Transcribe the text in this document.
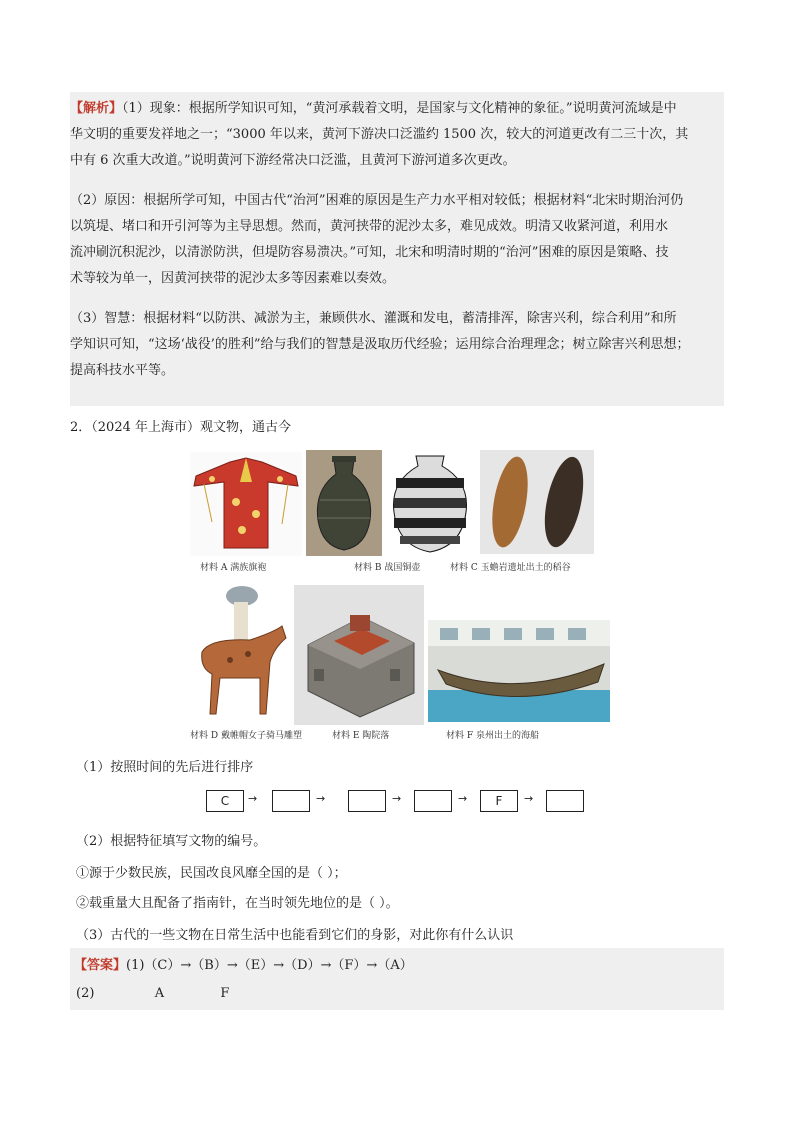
【解析】（1）现象：根据所学知识可知，“黄河承载着文明，是国家与文化精神的象征。”说明黄河流域是中
华文明的重要发祥地之一；“3000 年以来，黄河下游决口泛滥约 1500 次，较大的河道更改有二三十次，其
中有 6 次重大改道。”说明黄河下游经常决口泛滥，且黄河下游河道多次更改。
（2）原因：根据所学可知，中国古代“治河”困难的原因是生产力水平相对较低；根据材料“北宋时期治河仍
以筑堤、堵口和开引河等为主导思想。然而，黄河挟带的泥沙太多，难见成效。明清又收紧河道，利用水
流冲刷沉积泥沙，以清淤防洪，但堤防容易溃决。”可知，北宋和明清时期的“治河”困难的原因是策略、技
术等较为单一，因黄河挟带的泥沙太多等因素难以奏效。
（3）智慧：根据材料“以防洪、减淤为主，兼顾供水、灌溉和发电，蓄清排浑，除害兴利，综合利用”和所
学知识可知，“这场‘战役’的胜利”给与我们的智慧是汲取历代经验；运用综合治理理念；树立除害兴利思想；
提高科技水平等。
2．（2024 年上海市）观文物，通古今
材料 A 满族旗袍	材料 B 战国铜壶	材料 C 玉蟾岩遗址出土的稻谷
材料 D 戴帷帽女子骑马雕塑	材料 E 陶院落	材料 F 泉州出土的海船
（1）按照时间的先后进行排序
C	→	→	→	→	F	→
（2）根据特征填写文物的编号。
①源于少数民族，民国改良风靡全国的是（ ）；
②载重量大且配备了指南针，在当时领先地位的是（ ）。
（3）古代的一些文物在日常生活中也能看到它们的身影，对此你有什么认识
【答案】(1)（C）→（B）→（E）→（D）→（F）→（A）
(2)	A	F
